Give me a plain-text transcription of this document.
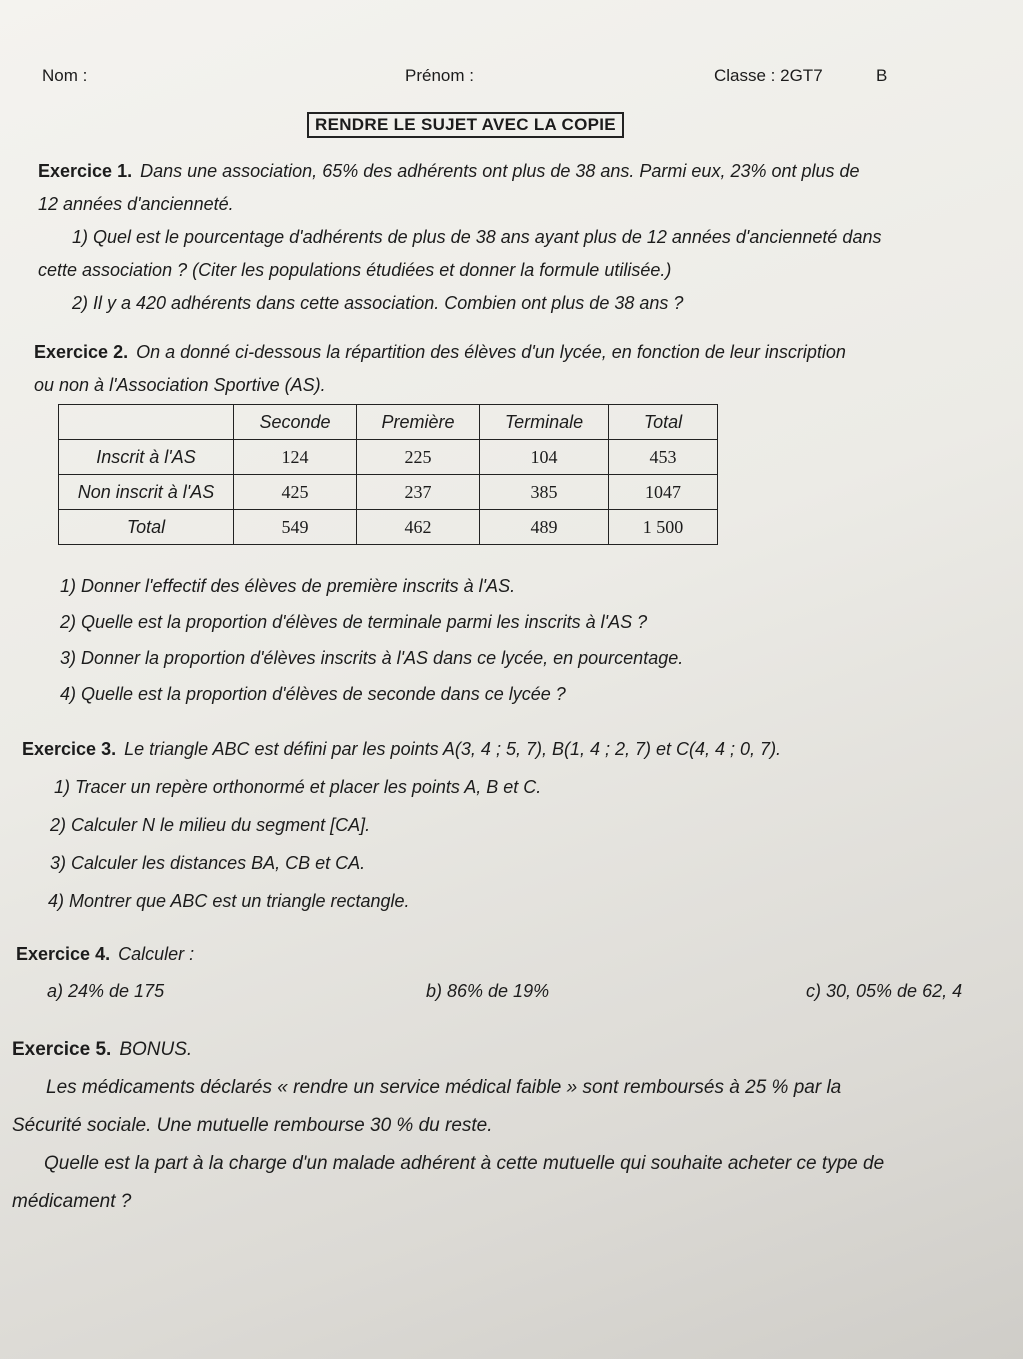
Nom :	Prénom :	Classe : 2GT7	B
RENDRE LE SUJET AVEC LA COPIE
Exercice 1. Dans une association, 65% des adhérents ont plus de 38 ans. Parmi eux, 23% ont plus de
12 années d'ancienneté.
1) Quel est le pourcentage d'adhérents de plus de 38 ans ayant plus de 12 années d'ancienneté dans
cette association ? (Citer les populations étudiées et donner la formule utilisée.)
2) Il y a 420 adhérents dans cette association. Combien ont plus de 38 ans ?
Exercice 2. On a donné ci-dessous la répartition des élèves d'un lycée, en fonction de leur inscription
ou non à l'Association Sportive (AS).
	Seconde	Première	Terminale	Total
Inscrit à l'AS	124	225	104	453
Non inscrit à l'AS	425	237	385	1047
Total	549	462	489	1 500
1) Donner l'effectif des élèves de première inscrits à l'AS.
2) Quelle est la proportion d'élèves de terminale parmi les inscrits à l'AS ?
3) Donner la proportion d'élèves inscrits à l'AS dans ce lycée, en pourcentage.
4) Quelle est la proportion d'élèves de seconde dans ce lycée ?
Exercice 3. Le triangle ABC est défini par les points A(3, 4 ; 5, 7), B(1, 4 ; 2, 7) et C(4, 4 ; 0, 7).
1) Tracer un repère orthonormé et placer les points A, B et C.
2) Calculer N le milieu du segment [CA].
3) Calculer les distances BA, CB et CA.
4) Montrer que ABC est un triangle rectangle.
Exercice 4. Calculer :
a) 24% de 175	b) 86% de 19%	c) 30, 05% de 62, 4
Exercice 5. BONUS.
Les médicaments déclarés « rendre un service médical faible » sont remboursés à 25 % par la
Sécurité sociale. Une mutuelle rembourse 30 % du reste.
Quelle est la part à la charge d'un malade adhérent à cette mutuelle qui souhaite acheter ce type de
médicament ?
